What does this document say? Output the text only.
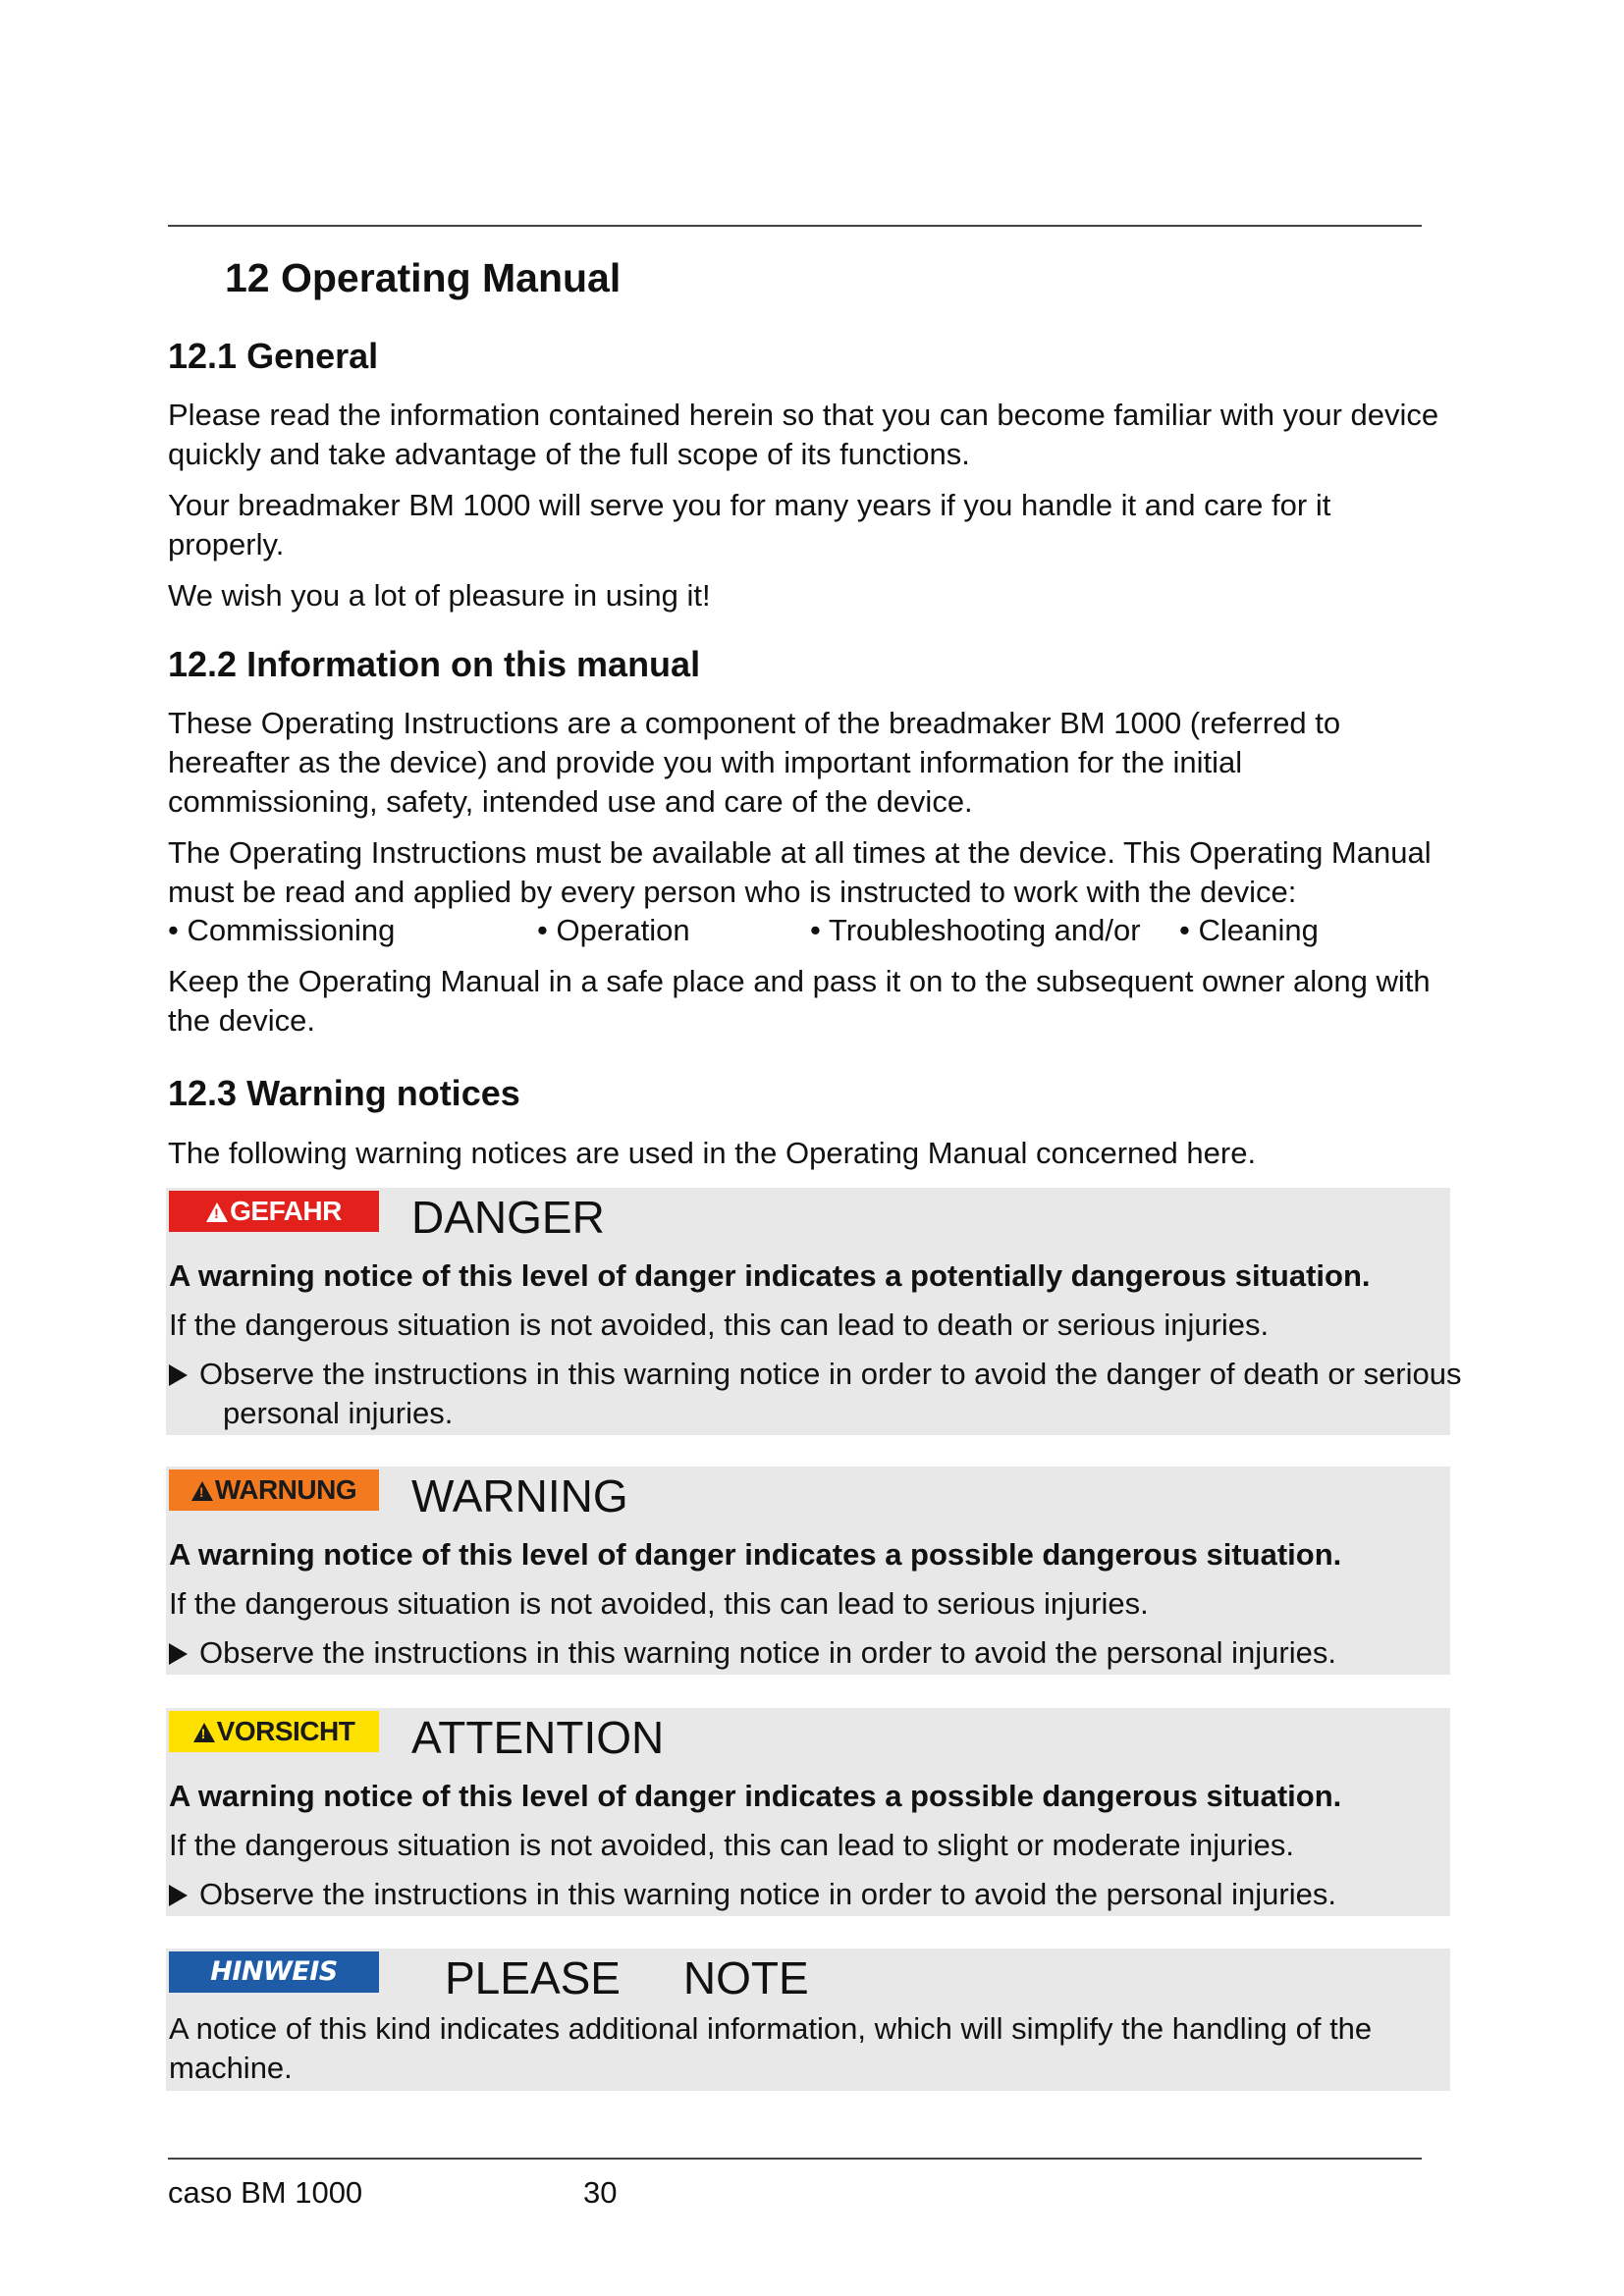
12 Operating Manual
12.1 General

Please read the information contained herein so that you can become familiar with your device quickly and take advantage of the full scope of its functions.

Your breadmaker BM 1000 will serve you for many years if you handle it and care for it properly.

We wish you a lot of pleasure in using it!

12.2 Information on this manual

These Operating Instructions are a component of the breadmaker BM 1000 (referred to hereafter as the device) and provide you with important information for the initial commissioning, safety, intended use and care of the device.

The Operating Instructions must be available at all times at the device. This Operating Manual must be read and applied by every person who is instructed to work with the device:

• Commissioning	• Operation	• Troubleshooting and/or • Cleaning

Keep the Operating Manual in a safe place and pass it on to the subsequent owner along with the device.

12.3 Warning notices

The following warning notices are used in the Operating Manual concerned here.

!GEFAHR	DANGER
A warning notice of this level of danger indicates a potentially dangerous situation.
If the dangerous situation is not avoided, this can lead to death or serious injuries.
Observe the instructions in this warning notice in order to avoid the danger of death or serious personal injuries.
!WARNUNG	WARNING
A warning notice of this level of danger indicates a possible dangerous situation.
If the dangerous situation is not avoided, this can lead to serious injuries.
Observe the instructions in this warning notice in order to avoid the personal injuries.
!VORSICHT	ATTENTION
A warning notice of this level of danger indicates a possible dangerous situation.
If the dangerous situation is not avoided, this can lead to slight or moderate injuries.
Observe the instructions in this warning notice in order to avoid the personal injuries.
HINWEIS	PLEASE     NOTE
A notice of this kind indicates additional information, which will simplify the handling of the machine.
caso BM 1000	30
